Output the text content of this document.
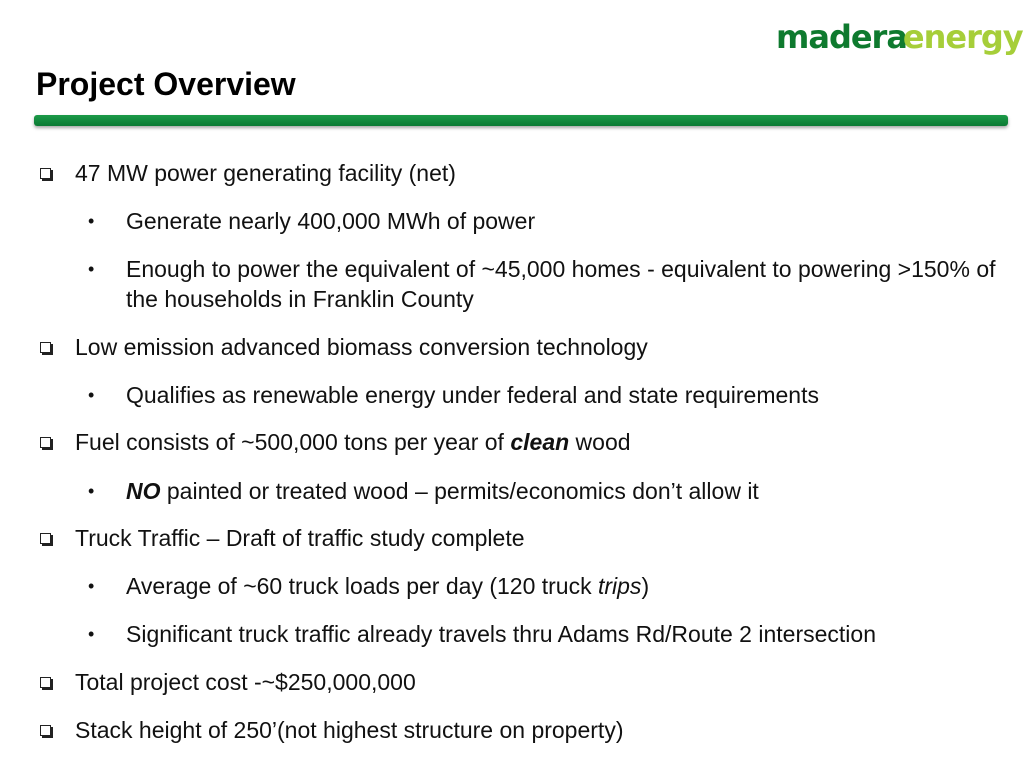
madera
energy
Project Overview
47 MW power generating facility (net)
• Generate nearly 400,000 MWh of power
• Enough to power the equivalent of ~45,000 homes - equivalent to powering >150% of the households in Franklin County
Low emission advanced biomass conversion technology
• Qualifies as renewable energy under federal and state requirements
Fuel consists of ~500,000 tons per year of clean wood
• NO painted or treated wood – permits/economics don’t allow it
Truck Traffic – Draft of traffic study complete
• Average of ~60 truck loads per day (120 truck trips)
• Significant truck traffic already travels thru Adams Rd/Route 2 intersection
Total project cost -~$250,000,000
Stack height of 250’(not highest structure on property)
